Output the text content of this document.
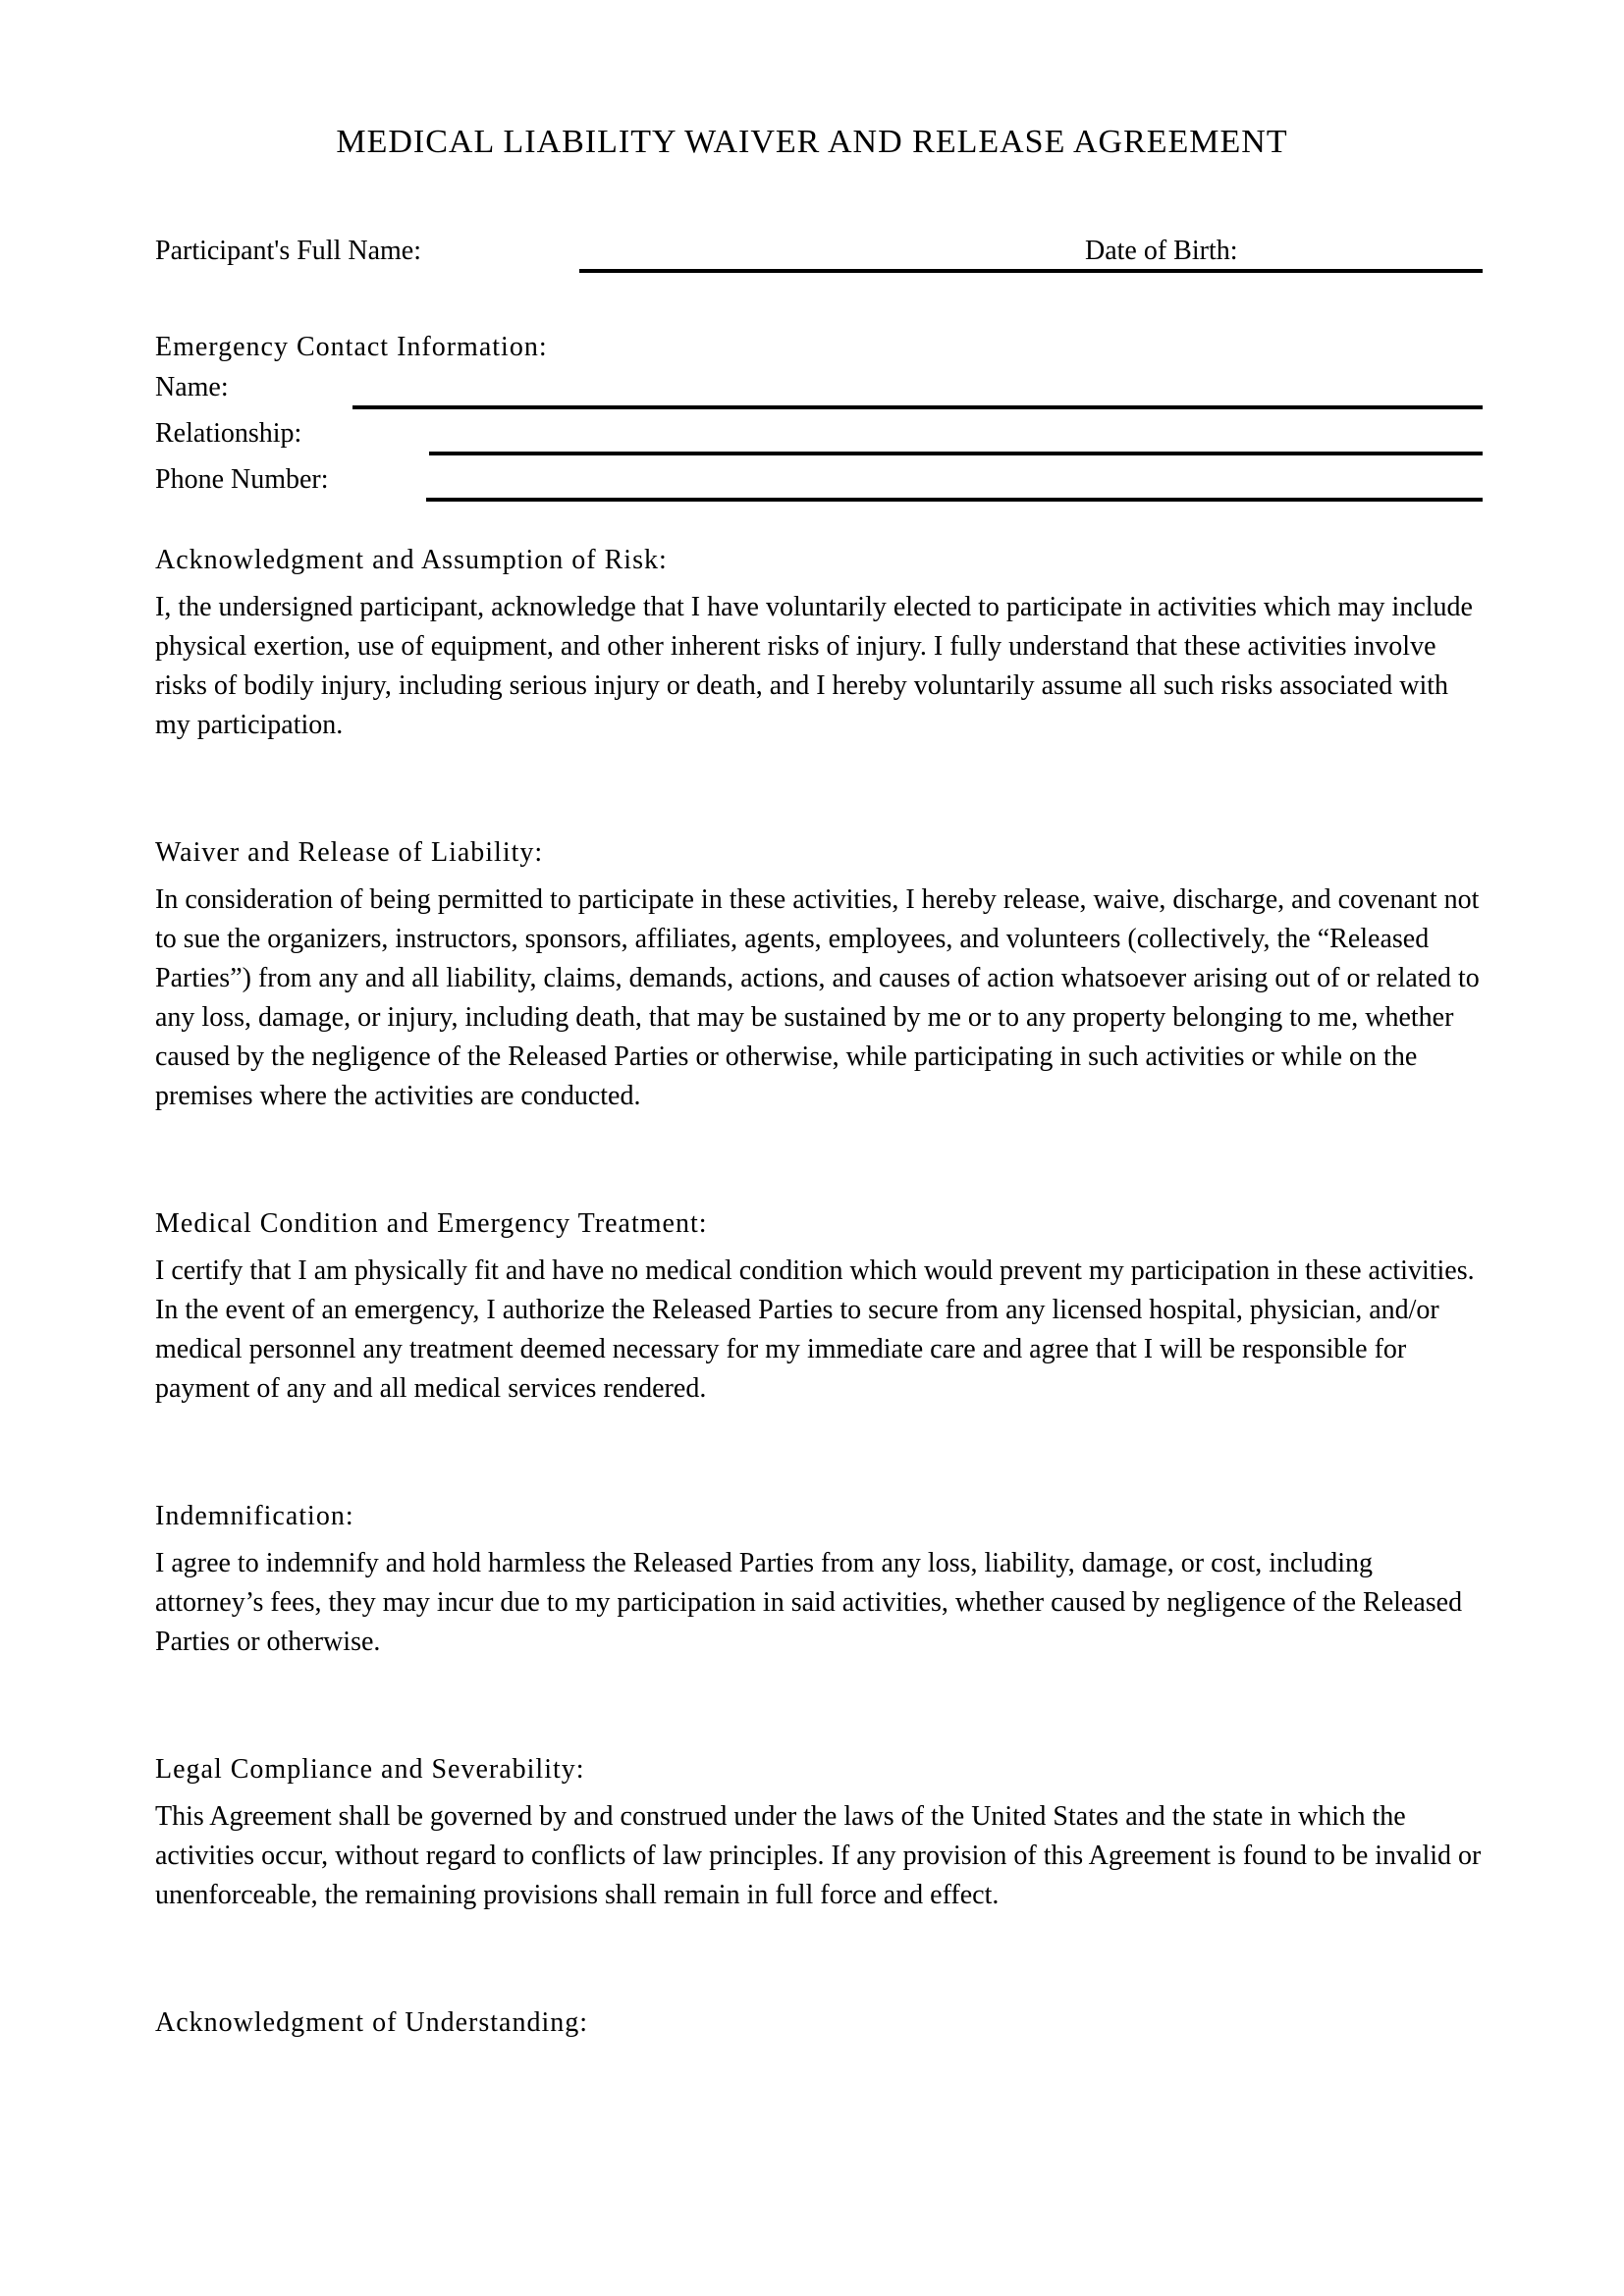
MEDICAL LIABILITY WAIVER AND RELEASE AGREEMENT
Participant's Full Name:	Date of Birth:
Emergency Contact Information:
Name:
Relationship:
Phone Number:
Acknowledgment and Assumption of Risk:

I, the undersigned participant, acknowledge that I have voluntarily elected to participate in activities which may include physical exertion, use of equipment, and other inherent risks of injury. I fully understand that these activities involve risks of bodily injury, including serious injury or death, and I hereby voluntarily assume all such risks associated with my participation.

Waiver and Release of Liability:

In consideration of being permitted to participate in these activities, I hereby release, waive, discharge, and covenant not to sue the organizers, instructors, sponsors, affiliates, agents, employees, and volunteers (collectively, the “Released Parties”) from any and all liability, claims, demands, actions, and causes of action whatsoever arising out of or related to any loss, damage, or injury, including death, that may be sustained by me or to any property belonging to me, whether caused by the negligence of the Released Parties or otherwise, while participating in such activities or while on the premises where the activities are conducted.

Medical Condition and Emergency Treatment:

I certify that I am physically fit and have no medical condition which would prevent my participation in these activities. In the event of an emergency, I authorize the Released Parties to secure from any licensed hospital, physician, and/or medical personnel any treatment deemed necessary for my immediate care and agree that I will be responsible for payment of any and all medical services rendered.

Indemnification:

I agree to indemnify and hold harmless the Released Parties from any loss, liability, damage, or cost, including attorney’s fees, they may incur due to my participation in said activities, whether caused by negligence of the Released Parties or otherwise.

Legal Compliance and Severability:

This Agreement shall be governed by and construed under the laws of the United States and the state in which the activities occur, without regard to conflicts of law principles. If any provision of this Agreement is found to be invalid or unenforceable, the remaining provisions shall remain in full force and effect.

Acknowledgment of Understanding:
